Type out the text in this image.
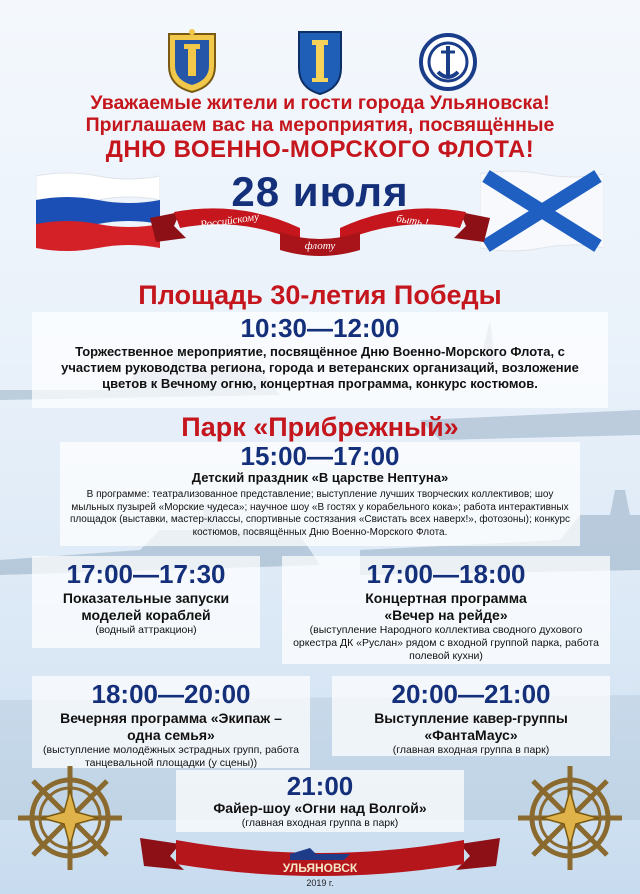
Уважаемые жители и гости города Ульяновска!
Приглашаем вас на мероприятия, посвящённые
ДНЮ ВОЕННО-МОРСКОГО ФЛОТА!
28 июля
Российскому
флоту
быть !
Площадь 30-летия Победы
10:30—12:00
Торжественное мероприятие, посвящённое Дню Военно-Морского Флота, с участием руководства региона, города и ветеранских организаций, возложение цветов к Вечному огню, концертная программа, конкурс костюмов.
Парк «Прибрежный»
15:00—17:00
Детский праздник «В царстве Нептуна»
В программе: театрализованное представление; выступление лучших творческих коллективов; шоу мыльных пузырей «Морские чудеса»; научное шоу «В гостях у корабельного кока»; работа интерактивных площадок (выставки, мастер-классы, спортивные состязания «Свистать всех наверх!», фотозоны); конкурс костюмов, посвящённых Дню Военно-Морского Флота.
17:00—17:30
Показательные запуски моделей кораблей
(водный аттракцион)
17:00—18:00
Концертная программа «Вечер на рейде»
(выступление Народного коллектива сводного духового оркестра ДК «Руслан» рядом с входной группой парка, работа полевой кухни)
18:00—20:00
Вечерняя программа «Экипаж – одна семья»
(выступление молодёжных эстрадных групп, работа танцевальной площадки (у сцены))
20:00—21:00
Выступление кавер-группы «ФантаМаус»
(главная входная группа в парк)
21:00
Файер-шоу «Огни над Волгой»
(главная входная группа в парк)
УЛЬЯНОВСК
2019 г.
